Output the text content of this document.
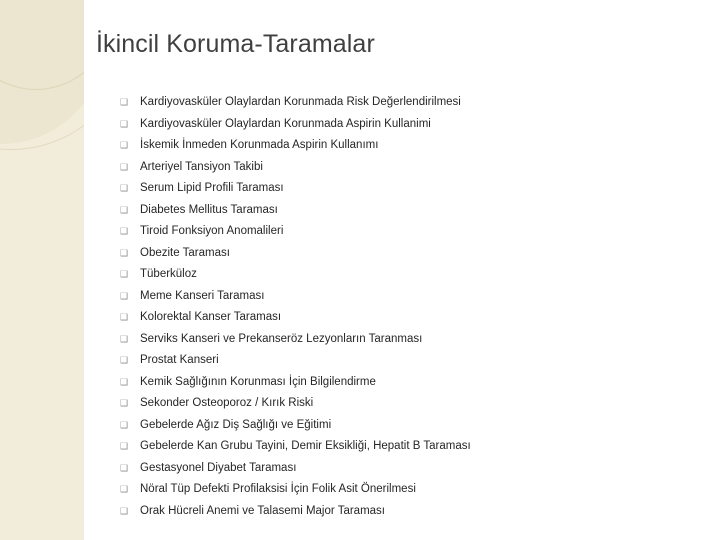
İkincil Koruma-Taramalar
❑	Kardiyovasküler Olaylardan Korunmada Risk Değerlendirilmesi
❑	Kardiyovasküler Olaylardan Korunmada Aspirin Kullanimi
❑	İskemik İnmeden Korunmada Aspirin Kullanımı
❑	Arteriyel Tansiyon Takibi
❑	Serum Lipid Profili Taraması
❑	Diabetes Mellitus Taraması
❑	Tiroid Fonksiyon Anomalileri
❑	Obezite Taraması
❑	Tüberküloz
❑	Meme Kanseri Taraması
❑	Kolorektal Kanser Taraması
❑	Serviks Kanseri ve Prekanseröz Lezyonların Taranması
❑	Prostat Kanseri
❑	Kemik Sağlığının Korunması İçin Bilgilendirme
❑	Sekonder Osteoporoz / Kırık Riski
❑	Gebelerde Ağız Diş Sağlığı ve Eğitimi
❑	Gebelerde Kan Grubu Tayini, Demir Eksikliği, Hepatit B Taraması
❑	Gestasyonel Diyabet Taraması
❑	Nöral Tüp Defekti Profilaksisi İçin Folik Asit Önerilmesi
❑	Orak Hücreli Anemi ve Talasemi Major Taraması
